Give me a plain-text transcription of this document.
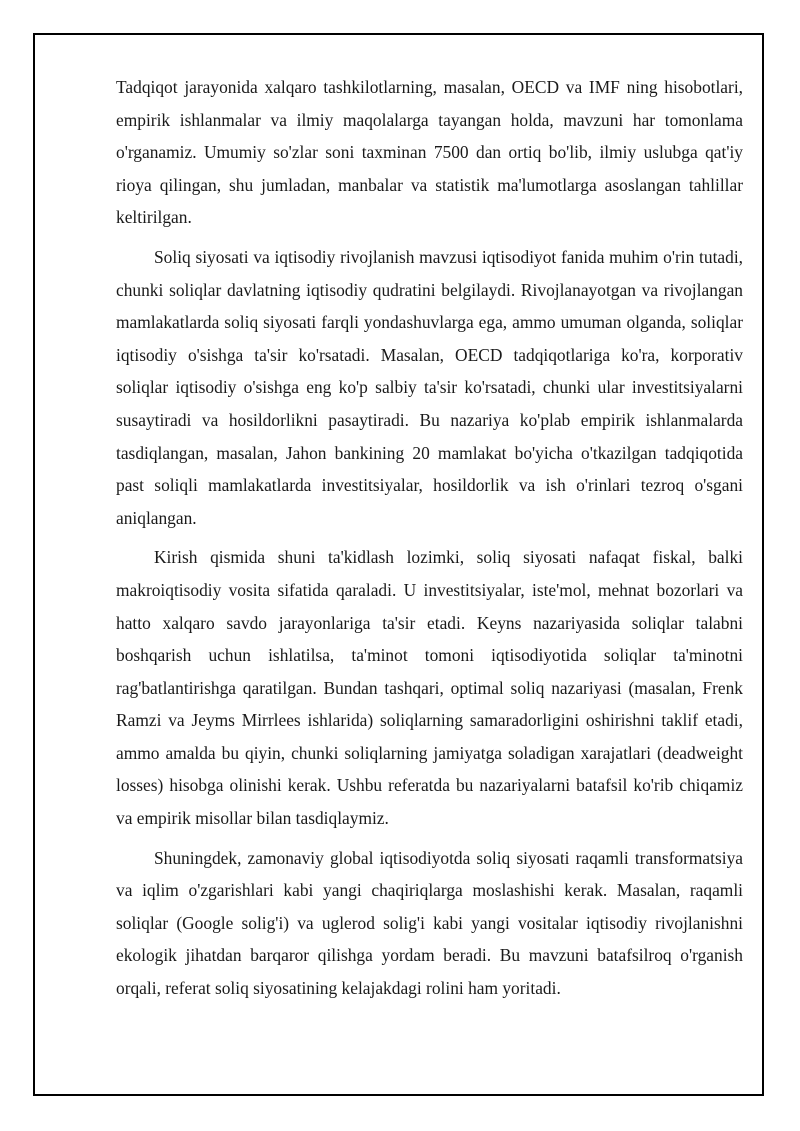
Tadqiqot jarayonida xalqaro tashkilotlarning, masalan, OECD va IMF ning hisobotlari, empirik ishlanmalar va ilmiy maqolalarga tayangan holda, mavzuni har tomonlama o'rganamiz. Umumiy so'zlar soni taxminan 7500 dan ortiq bo'lib, ilmiy uslubga qat'iy rioya qilingan, shu jumladan, manbalar va statistik ma'lumotlarga asoslangan tahlillar keltirilgan.

Soliq siyosati va iqtisodiy rivojlanish mavzusi iqtisodiyot fanida muhim o'rin tutadi, chunki soliqlar davlatning iqtisodiy qudratini belgilaydi. Rivojlanayotgan va rivojlangan mamlakatlarda soliq siyosati farqli yondashuvlarga ega, ammo umuman olganda, soliqlar iqtisodiy o'sishga ta'sir ko'rsatadi. Masalan, OECD tadqiqotlariga ko'ra, korporativ soliqlar iqtisodiy o'sishga eng ko'p salbiy ta'sir ko'rsatadi, chunki ular investitsiyalarni susaytiradi va hosildorlikni pasaytiradi. Bu nazariya ko'plab empirik ishlanmalarda tasdiqlangan, masalan, Jahon bankining 20 mamlakat bo'yicha o'tkazilgan tadqiqotida past soliqli mamlakatlarda investitsiyalar, hosildorlik va ish o'rinlari tezroq o'sgani aniqlangan.

Kirish qismida shuni ta'kidlash lozimki, soliq siyosati nafaqat fiskal, balki makroiqtisodiy vosita sifatida qaraladi. U investitsiyalar, iste'mol, mehnat bozorlari va hatto xalqaro savdo jarayonlariga ta'sir etadi. Keyns nazariyasida soliqlar talabni boshqarish uchun ishlatilsa, ta'minot tomoni iqtisodiyotida soliqlar ta'minotni rag'batlantirishga qaratilgan. Bundan tashqari, optimal soliq nazariyasi (masalan, Frenk Ramzi va Jeyms Mirrlees ishlarida) soliqlarning samaradorligini oshirishni taklif etadi, ammo amalda bu qiyin, chunki soliqlarning jamiyatga soladigan xarajatlari (deadweight losses) hisobga olinishi kerak. Ushbu referatda bu nazariyalarni batafsil ko'rib chiqamiz va empirik misollar bilan tasdiqlaymiz.

Shuningdek, zamonaviy global iqtisodiyotda soliq siyosati raqamli transformatsiya va iqlim o'zgarishlari kabi yangi chaqiriqlarga moslashishi kerak. Masalan, raqamli soliqlar (Google solig'i) va uglerod solig'i kabi yangi vositalar iqtisodiy rivojlanishni ekologik jihatdan barqaror qilishga yordam beradi. Bu mavzuni batafsilroq o'rganish orqali, referat soliq siyosatining kelajakdagi rolini ham yoritadi.
